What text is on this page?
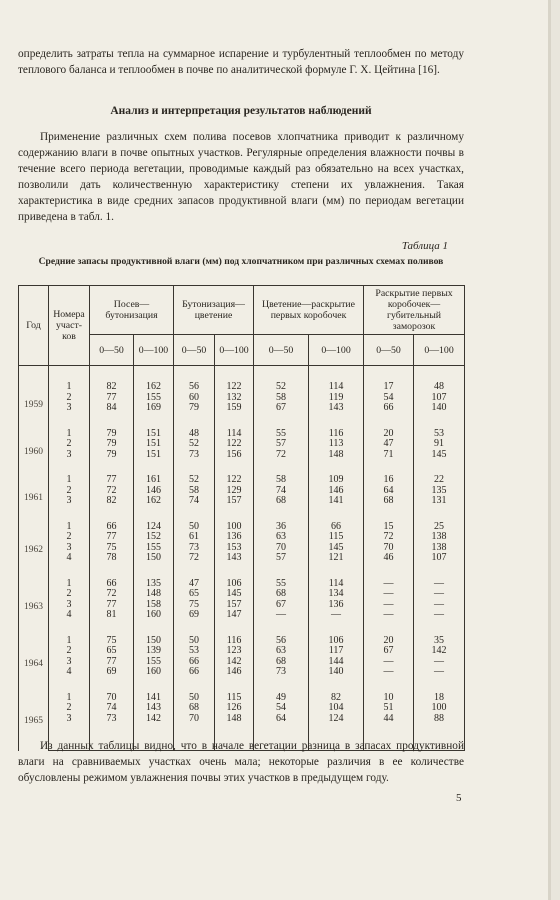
определить затраты тепла на суммарное испарение и турбулентный теплообмен по методу теплового баланса и теплообмен в почве по аналитической формуле Г. Х. Цейтина [16].

Анализ и интерпретация результатов наблюдений

Применение различных схем полива посевов хлопчатника приводит к различному содержанию влаги в почве опытных участков. Регулярные определения влажности почвы в течение всего периода вегетации, проводимые каждый раз обязательно на всех участках, позволили дать количественную характеристику степени их увлажнения. Такая характеристика в виде средних запасов продуктивной влаги (мм) по периодам вегетации приведена в табл. 1.

Таблица 1
Средние запасы продуктивной влаги (мм) под хлопчатником при различных схемах поливов
Год	Номера участ-ков	Посев—бутонизация		Бутонизация—цветение		Цветение—раскрытие первых коробочек		Раскрытие первых коробочек—губительный заморозок	
		0—50	0—100	0—50	0—100	0—50	0—100	0—50	0—100
1959	1	82	162	56	122	52	114	17	48
	2	77	155	60	132	58	119	54	107
	3	84	169	79	159	67	143	66	140
1960	1	79	151	48	114	55	116	20	53
	2	79	151	52	122	57	113	47	91
	3	79	151	73	156	72	148	71	145
1961	1	77	161	52	122	58	109	16	22
	2	72	146	58	129	74	146	64	135
	3	82	162	74	157	68	141	68	131
1962	1	66	124	50	100	36	66	15	25
	2	77	152	61	136	63	115	72	138
	3	75	155	73	153	70	145	70	138
	4	78	150	72	143	57	121	46	107
1963	1	66	135	47	106	55	114	—	—
	2	72	148	65	145	68	134	—	—
	3	77	158	75	157	67	136	—	—
	4	81	160	69	147	—	—	—	—
1964	1	75	150	50	116	56	106	20	35
	2	65	139	53	123	63	117	67	142
	3	77	155	66	142	68	144	—	—
	4	69	160	66	146	73	140	—	—
1965	1	70	141	50	115	49	82	10	18
	2	74	143	68	126	54	104	51	100
	3	73	142	70	148	64	124	44	88

Из данных таблицы видно, что в начале вегетации разница в запасах продуктивной влаги на сравниваемых участках очень мала; некоторые различия в ее количестве обусловлены режимом увлажнения почвы этих участков в предыдущем году.

5
